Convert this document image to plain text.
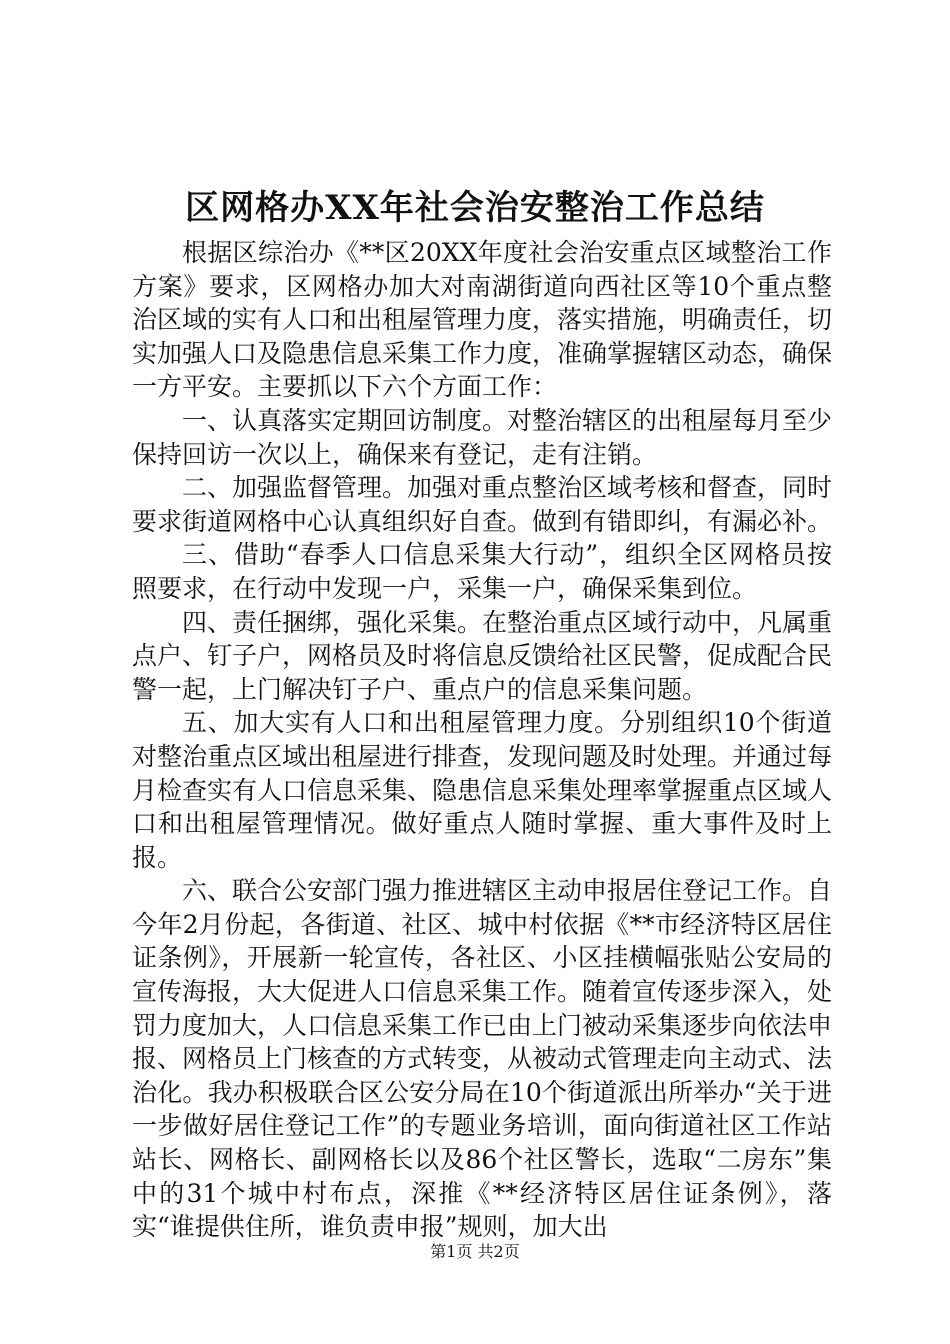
区网格办XX年社会治安整治工作总结

根据区综治办《**区20XX年度社会治安重点区域整治工作方案》要求，区网格办加大对南湖街道向西社区等10个重点整治区域的实有人口和出租屋管理力度，落实措施，明确责任，切实加强人口及隐患信息采集工作力度，准确掌握辖区动态，确保一方平安。主要抓以下六个方面工作：

一、认真落实定期回访制度。对整治辖区的出租屋每月至少保持回访一次以上，确保来有登记，走有注销。

二、加强监督管理。加强对重点整治区域考核和督查，同时要求街道网格中心认真组织好自查。做到有错即纠，有漏必补。

三、借助“春季人口信息采集大行动”，组织全区网格员按照要求，在行动中发现一户，采集一户，确保采集到位。

四、责任捆绑，强化采集。在整治重点区域行动中，凡属重点户、钉子户，网格员及时将信息反馈给社区民警，促成配合民警一起，上门解决钉子户、重点户的信息采集问题。

五、加大实有人口和出租屋管理力度。分别组织10个街道对整治重点区域出租屋进行排查，发现问题及时处理。并通过每月检查实有人口信息采集、隐患信息采集处理率掌握重点区域人口和出租屋管理情况。做好重点人随时掌握、重大事件及时上报。

六、联合公安部门强力推进辖区主动申报居住登记工作。自今年2月份起，各街道、社区、城中村依据《**市经济特区居住证条例》，开展新一轮宣传，各社区、小区挂横幅张贴公安局的宣传海报，大大促进人口信息采集工作。随着宣传逐步深入，处罚力度加大，人口信息采集工作已由上门被动采集逐步向依法申报、网格员上门核查的方式转变，从被动式管理走向主动式、法治化。我办积极联合区公安分局在10个街道派出所举办“关于进一步做好居住登记工作”的专题业务培训，面向街道社区工作站站长、网格长、副网格长以及86个社区警长，选取“二房东”集中的31个城中村布点，深推《**经济特区居住证条例》，落实“谁提供住所，谁负责申报”规则，加大出

第1页 共2页
